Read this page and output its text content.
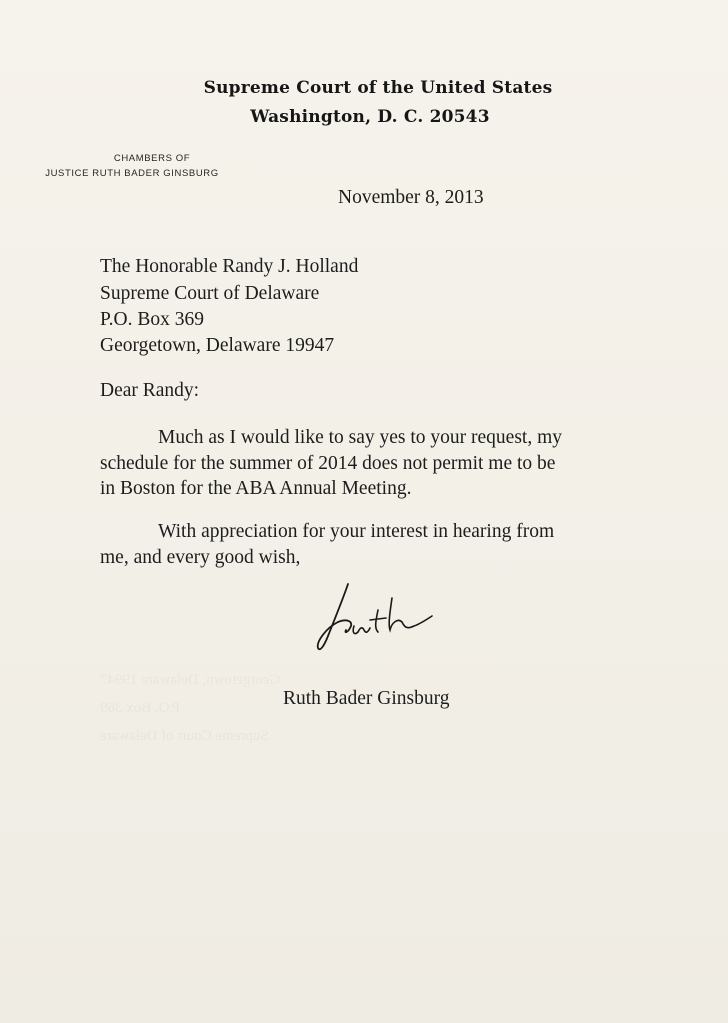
Georgetown, Delaware 19947
P.O. Box 369
Supreme Court of Delaware
Supreme Court of the United States
Washington, D. C. 20543
CHAMBERS OF
JUSTICE RUTH BADER GINSBURG
November 8, 2013
The Honorable Randy J. Holland
Supreme Court of Delaware
P.O. Box 369
Georgetown, Delaware 19947
Dear Randy:
Much as I would like to say yes to your request, my
schedule for the summer of 2014 does not permit me to be
in Boston for the ABA Annual Meeting.
With appreciation for your interest in hearing from
me, and every good wish,
Ruth Bader Ginsburg
